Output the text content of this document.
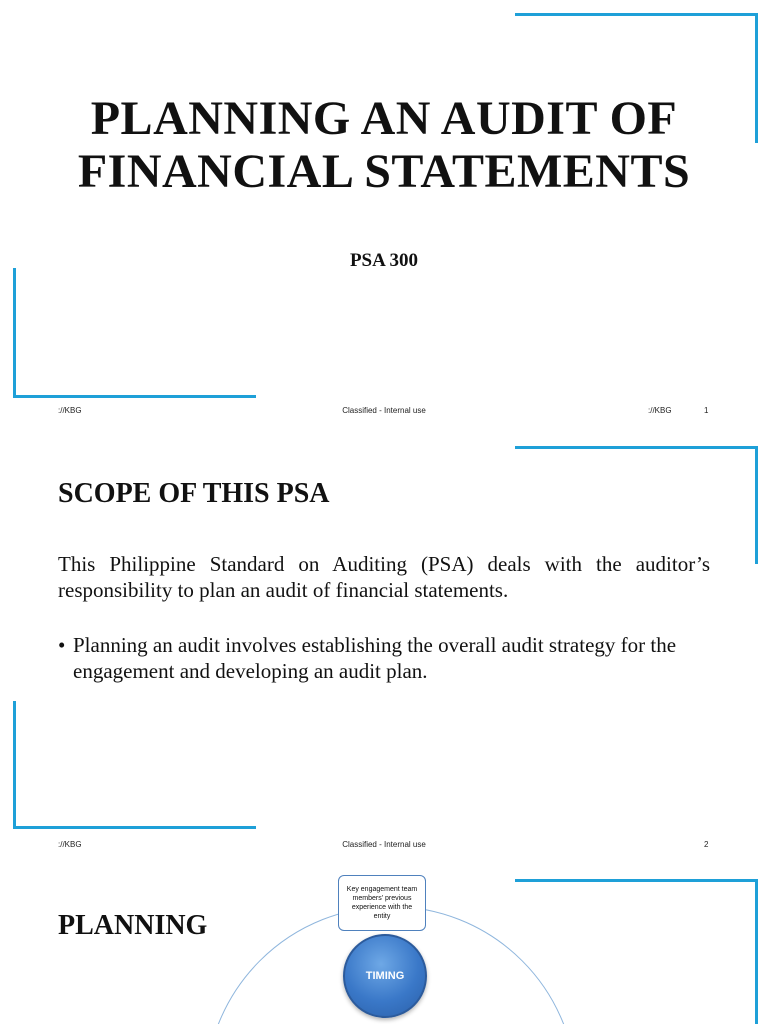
PLANNING AN AUDIT OF FINANCIAL STATEMENTS
PSA 300
://KBG	Classified - Internal use	://KBG	1
SCOPE OF THIS PSA
This Philippine Standard on Auditing (PSA) deals with the auditor’s responsibility to plan an audit of financial statements.
• Planning an audit involves establishing the overall audit strategy for the engagement and developing an audit plan.
://KBG	Classified - Internal use	2
PLANNING
Key engagement team members' previous experience with the entity
TIMING
